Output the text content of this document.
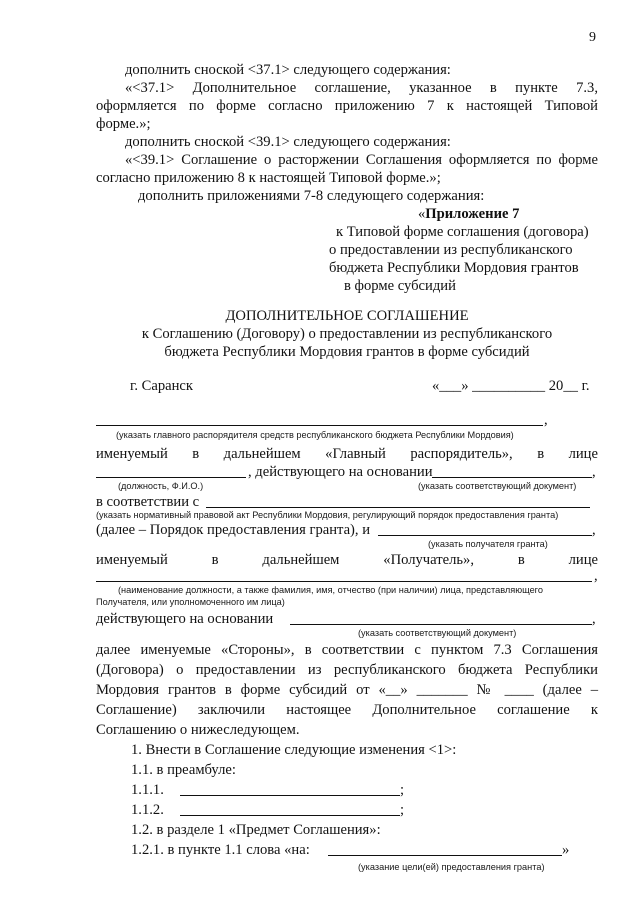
9
дополнить сноской <37.1> следующего содержания:
«<37.1> Дополнительное соглашение, указанное в пункте 7.3,
оформляется по форме согласно приложению 7 к настоящей Типовой
форме.»;
дополнить сноской <39.1> следующего содержания:
«<39.1> Соглашение о расторжении Соглашения оформляется по форме
согласно приложению 8 к настоящей Типовой форме.»;
дополнить приложениями 7-8 следующего содержания:
«Приложение 7
к Типовой форме соглашения (договора)
о предоставлении из республиканского
бюджета Республики Мордовия грантов
в форме субсидий
ДОПОЛНИТЕЛЬНОЕ СОГЛАШЕНИЕ
к Соглашению (Договору) о предоставлении из республиканского
бюджета Республики Мордовия грантов в форме субсидий
г. Саранск	«___» __________ 20__ г.
,
(указать главного распорядителя средств республиканского бюджета Республики Мордовия)
именуемый в дальнейшем «Главный распорядитель», в лице
, действующего на основании	,
(должность, Ф.И.О.)	(указать соответствующий документ)
в соответствии с
(указать нормативный правовой акт Республики Мордовия, регулирующий порядок предоставления гранта)
(далее – Порядок предоставления гранта), и	,
(указать получателя гранта)
именуемый	в	дальнейшем	«Получатель»,	в	лице
,
(наименование должности, а также фамилия, имя, отчество (при наличии) лица, представляющего
Получателя, или уполномоченного им лица)
действующего на основании	,
(указать соответствующий документ)
далее именуемые «Стороны», в соответствии с пунктом 7.3 Соглашения
(Договора) о предоставлении из республиканского бюджета Республики
Мордовия грантов в форме субсидий от «__» _______ № ____ (далее –
Соглашение) заключили настоящее Дополнительное соглашение к
Соглашению о нижеследующем.
1. Внести в Соглашение следующие изменения <1>:
1.1. в преамбуле:
1.1.1.	;
1.1.2.	;
1.2. в разделе 1 «Предмет Соглашения»:
1.2.1. в пункте 1.1 слова «на:	»
(указание цели(ей) предоставления гранта)
